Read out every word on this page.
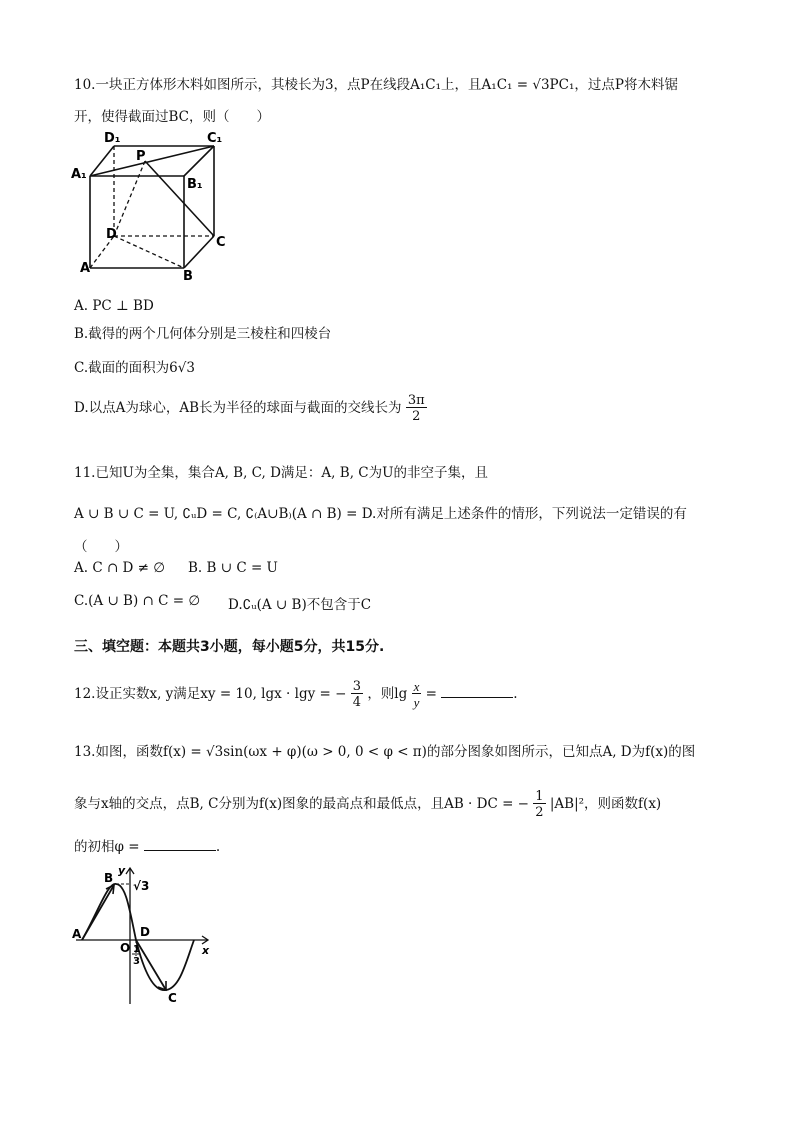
10.一块正方体形木料如图所示，其棱长为3，点P在线段A₁C₁上，且A₁C₁ = √3PC₁，过点P将木料锯
开，使得截面过BC，则（　　）
D₁	C₁
A₁
B₁
P
D
C
A
B
A. PC ⊥ BD
B.截得的两个几何体分别是三棱柱和四棱台
C.截面的面积为6√3
D.以点A为球心，AB长为半径的球面与截面的交线长为 $\frac{3\pi}{2}$
11.已知U为全集，集合A, B, C, D满足：A, B, C为U的非空子集，且
A ∪ B ∪ C = U, ∁ᵤD = C, ∁₍A∪B₎(A ∩ B) = D.对所有满足上述条件的情形，下列说法一定错误的有
（　　）
A. C ∩ D ≠ ∅ B. B ∪ C = U
C.(A ∪ B) ∩ C = ∅ D.∁ᵤ(A ∪ B)不包含于C
三、填空题：本题共3小题，每小题5分，共15分.
12.设正实数x, y满足xy = 10, lgx · lgy = − $\frac{3}{4}$ ，则$\lg \frac{x}{y}$ =	.
13.如图，函数f(x) = √3sin(ωx + φ)(ω > 0, 0 < φ < π)的部分图象如图所示，已知点A, D为f(x)的图
象与x轴的交点，点B, C分别为f(x)图象的最高点和最低点，且AB · DC = − $\frac{1}{2} |AB|^2$，则函数f(x)
的初相φ =	.
B
y
√3
A
O
D
x
1
3
C
